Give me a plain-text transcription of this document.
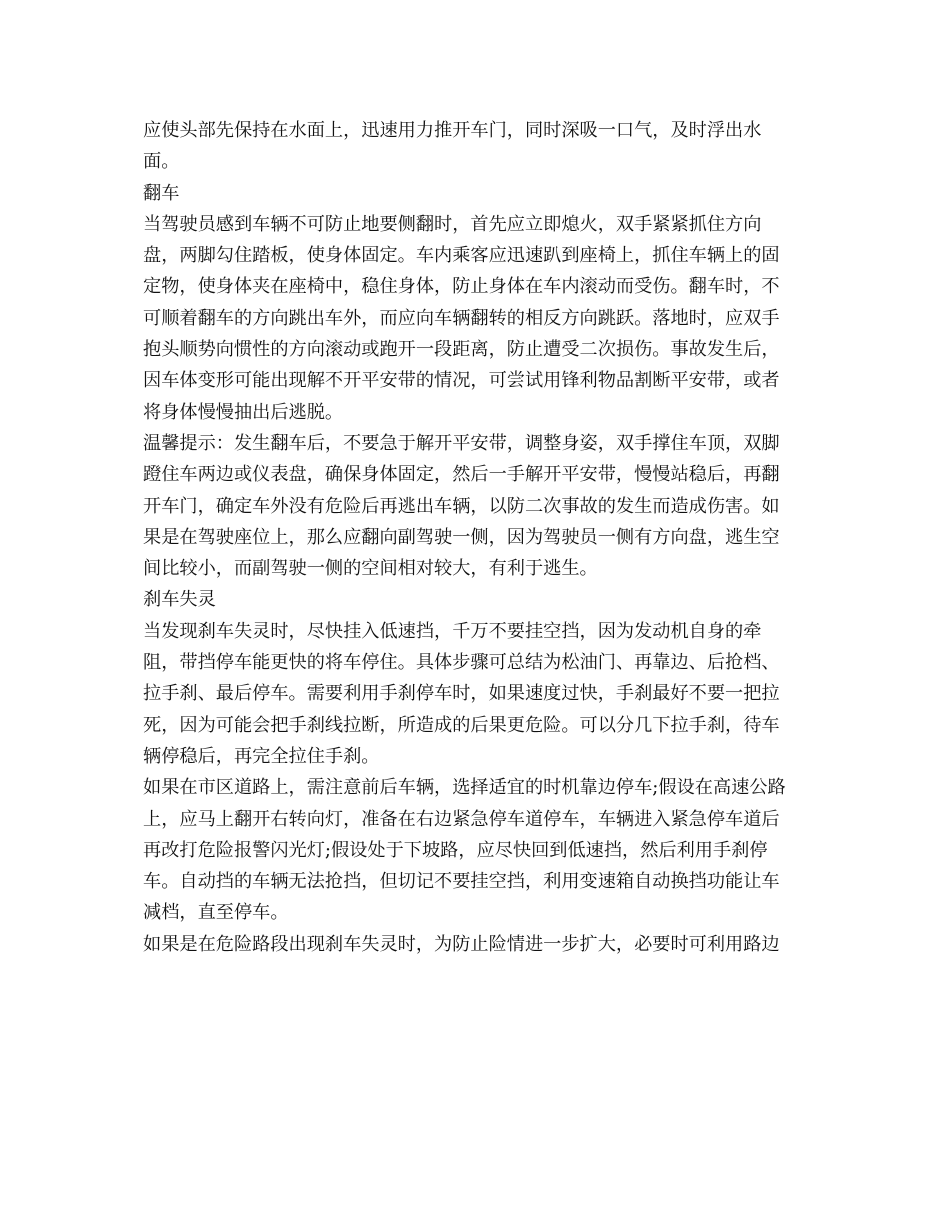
应使头部先保持在水面上，迅速用力推开车门，同时深吸一口气，及时浮出水
面。
翻车
当驾驶员感到车辆不可防止地要侧翻时，首先应立即熄火，双手紧紧抓住方向
盘，两脚勾住踏板，使身体固定。车内乘客应迅速趴到座椅上，抓住车辆上的固
定物，使身体夹在座椅中，稳住身体，防止身体在车内滚动而受伤。翻车时，不
可顺着翻车的方向跳出车外，而应向车辆翻转的相反方向跳跃。落地时，应双手
抱头顺势向惯性的方向滚动或跑开一段距离，防止遭受二次损伤。事故发生后，
因车体变形可能出现解不开平安带的情况，可尝试用锋利物品割断平安带，或者
将身体慢慢抽出后逃脱。
温馨提示：发生翻车后，不要急于解开平安带，调整身姿，双手撑住车顶，双脚
蹬住车两边或仪表盘，确保身体固定，然后一手解开平安带，慢慢站稳后，再翻
开车门，确定车外没有危险后再逃出车辆，以防二次事故的发生而造成伤害。如
果是在驾驶座位上，那么应翻向副驾驶一侧，因为驾驶员一侧有方向盘，逃生空
间比较小，而副驾驶一侧的空间相对较大，有利于逃生。
刹车失灵
当发现刹车失灵时，尽快挂入低速挡，千万不要挂空挡，因为发动机自身的牵
阻，带挡停车能更快的将车停住。具体步骤可总结为松油门、再靠边、后抢档、
拉手刹、最后停车。需要利用手刹停车时，如果速度过快，手刹最好不要一把拉
死，因为可能会把手刹线拉断，所造成的后果更危险。可以分几下拉手刹，待车
辆停稳后，再完全拉住手刹。
如果在市区道路上，需注意前后车辆，选择适宜的时机靠边停车;假设在高速公路
上，应马上翻开右转向灯，准备在右边紧急停车道停车，车辆进入紧急停车道后
再改打危险报警闪光灯;假设处于下坡路，应尽快回到低速挡，然后利用手刹停
车。自动挡的车辆无法抢挡，但切记不要挂空挡，利用变速箱自动换挡功能让车
减档，直至停车。
如果是在危险路段出现刹车失灵时，为防止险情进一步扩大，必要时可利用路边
